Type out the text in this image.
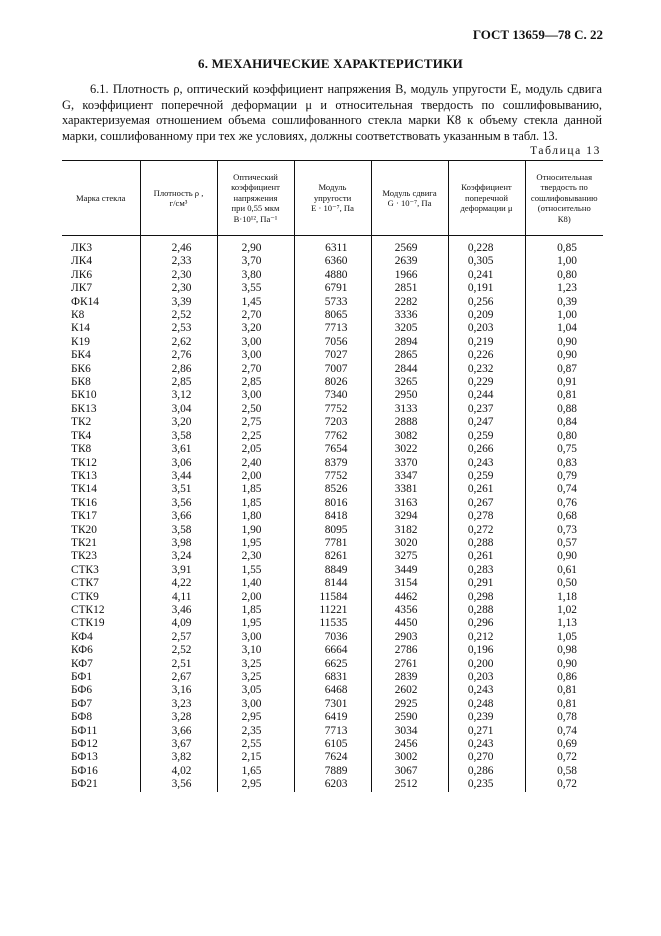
ГОСТ 13659—78 С. 22
6. МЕХАНИЧЕСКИЕ ХАРАКТЕРИСТИКИ
6.1. Плотность ρ, оптический коэффициент напряжения B, модуль упругости E, модуль сдвига G, коэффициент поперечной деформации μ и относительная твердость по сошлифовыванию, характеризуемая отношением объема сошлифованного стекла марки К8 к объему стекла данной марки, сошлифованному при тех же условиях, должны соответствовать указанным в табл. 13.
Таблица 13
Марка стекла	Плотность ρ ,
г/см³	Оптический
коэффициент
напряжения
при 0,55 мкм
B·10¹², Па⁻¹	Модуль
упругости
E · 10⁻⁷, Па	Модуль сдвига
G · 10⁻⁷, Па	Коэффициент
поперечной
деформации μ	Относительная
твердость по
сошлифовыванию
(относительно
К8)

ЛК3	2,46	2,90	6311	2569	0,228	0,85
ЛК4	2,33	3,70	6360	2639	0,305	1,00
ЛК6	2,30	3,80	4880	1966	0,241	0,80
ЛК7	2,30	3,55	6791	2851	0,191	1,23
ФК14	3,39	1,45	5733	2282	0,256	0,39
К8	2,52	2,70	8065	3336	0,209	1,00
К14	2,53	3,20	7713	3205	0,203	1,04
К19	2,62	3,00	7056	2894	0,219	0,90
БК4	2,76	3,00	7027	2865	0,226	0,90
БК6	2,86	2,70	7007	2844	0,232	0,87
БК8	2,85	2,85	8026	3265	0,229	0,91
БК10	3,12	3,00	7340	2950	0,244	0,81
БК13	3,04	2,50	7752	3133	0,237	0,88
ТК2	3,20	2,75	7203	2888	0,247	0,84
ТК4	3,58	2,25	7762	3082	0,259	0,80
ТК8	3,61	2,05	7654	3022	0,266	0,75
ТК12	3,06	2,40	8379	3370	0,243	0,83
ТК13	3,44	2,00	7752	3347	0,259	0,79
ТК14	3,51	1,85	8526	3381	0,261	0,74
ТК16	3,56	1,85	8016	3163	0,267	0,76
ТК17	3,66	1,80	8418	3294	0,278	0,68
ТК20	3,58	1,90	8095	3182	0,272	0,73
ТК21	3,98	1,95	7781	3020	0,288	0,57
ТК23	3,24	2,30	8261	3275	0,261	0,90
СТК3	3,91	1,55	8849	3449	0,283	0,61
СТК7	4,22	1,40	8144	3154	0,291	0,50
СТК9	4,11	2,00	11584	4462	0,298	1,18
СТК12	3,46	1,85	11221	4356	0,288	1,02
СТК19	4,09	1,95	11535	4450	0,296	1,13
КФ4	2,57	3,00	7036	2903	0,212	1,05
КФ6	2,52	3,10	6664	2786	0,196	0,98
КФ7	2,51	3,25	6625	2761	0,200	0,90
БФ1	2,67	3,25	6831	2839	0,203	0,86
БФ6	3,16	3,05	6468	2602	0,243	0,81
БФ7	3,23	3,00	7301	2925	0,248	0,81
БФ8	3,28	2,95	6419	2590	0,239	0,78
БФ11	3,66	2,35	7713	3034	0,271	0,74
БФ12	3,67	2,55	6105	2456	0,243	0,69
БФ13	3,82	2,15	7624	3002	0,270	0,72
БФ16	4,02	1,65	7889	3067	0,286	0,58
БФ21	3,56	2,95	6203	2512	0,235	0,72
